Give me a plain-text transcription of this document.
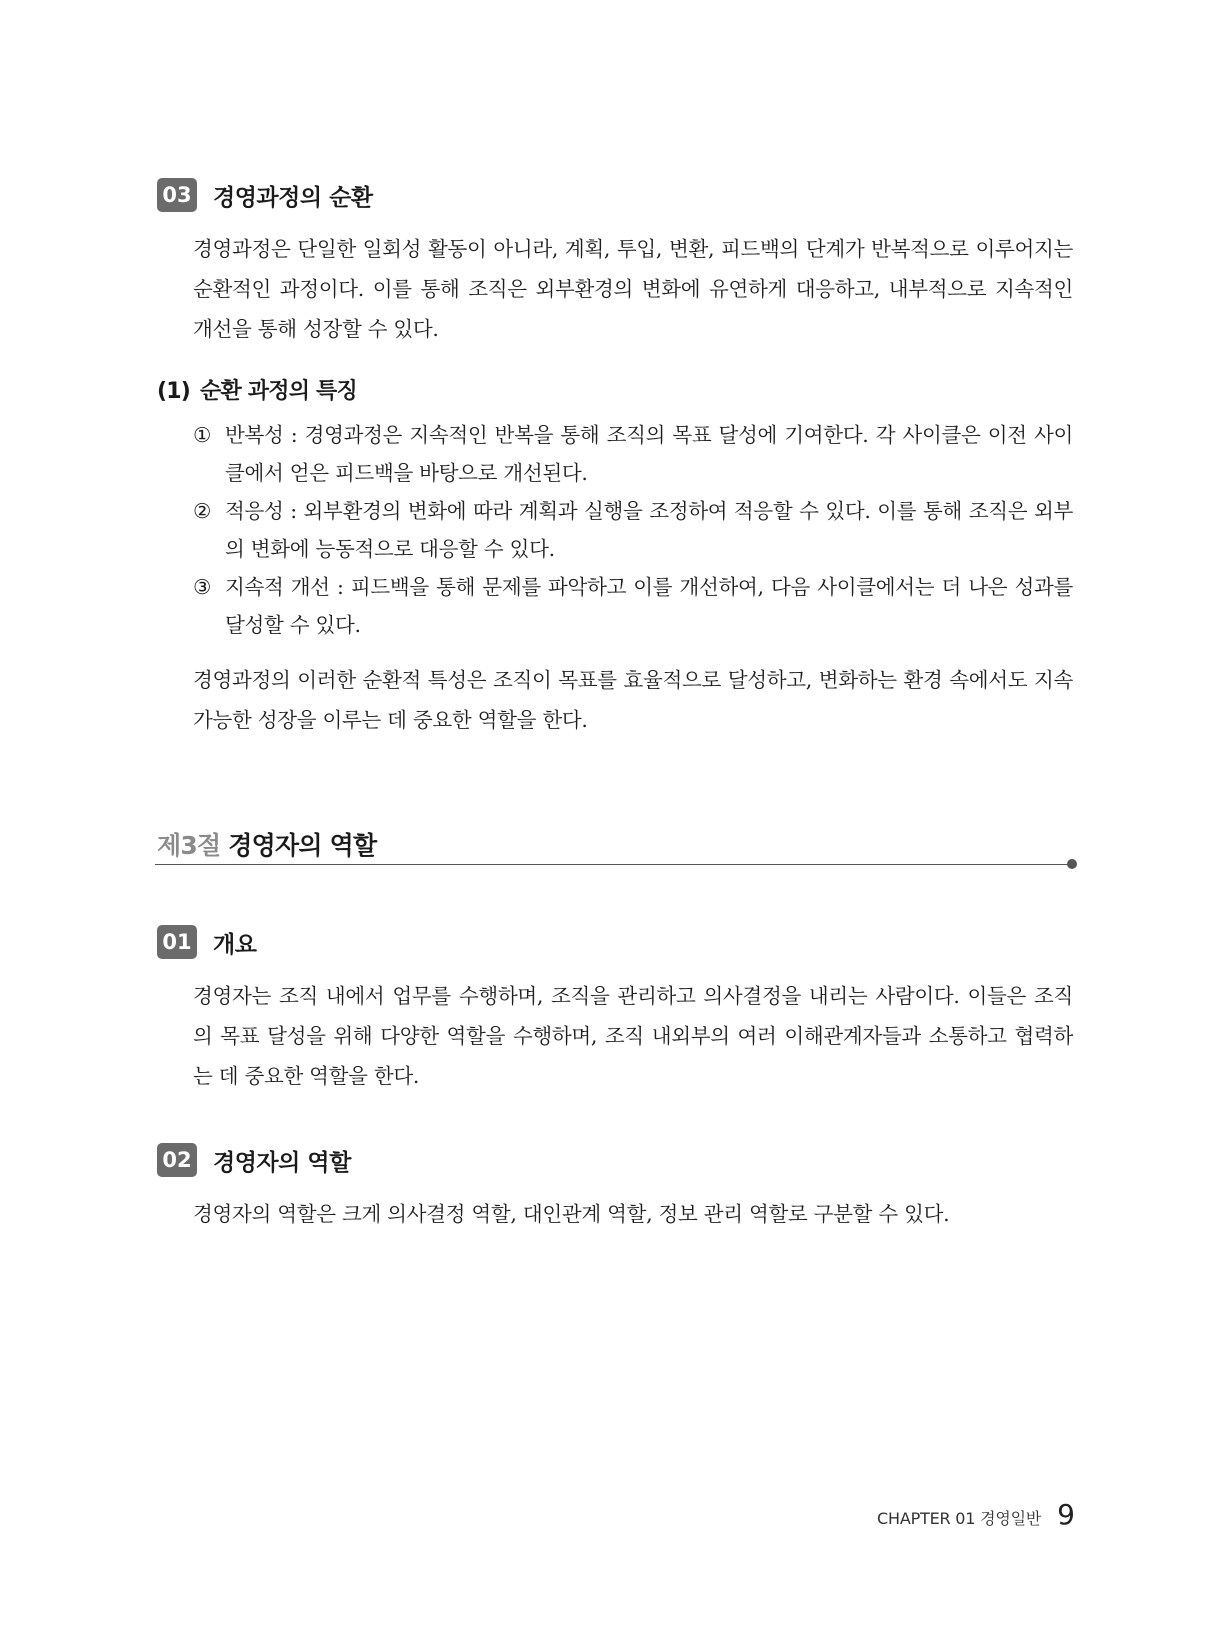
03 경영과정의 순환

경영과정은 단일한 일회성 활동이 아니라, 계획, 투입, 변환, 피드백의 단계가 반복적으로 이루어지는 순환적인 과정이다. 이를 통해 조직은 외부환경의 변화에 유연하게 대응하고, 내부적으로 지속적인 개선을 통해 성장할 수 있다.

(1) 순환 과정의 특징
① 반복성 : 경영과정은 지속적인 반복을 통해 조직의 목표 달성에 기여한다. 각 사이클은 이전 사이클에서 얻은 피드백을 바탕으로 개선된다.
② 적응성 : 외부환경의 변화에 따라 계획과 실행을 조정하여 적응할 수 있다. 이를 통해 조직은 외부의 변화에 능동적으로 대응할 수 있다.
③ 지속적 개선 : 피드백을 통해 문제를 파악하고 이를 개선하여, 다음 사이클에서는 더 나은 성과를 달성할 수 있다.

경영과정의 이러한 순환적 특성은 조직이 목표를 효율적으로 달성하고, 변화하는 환경 속에서도 지속 가능한 성장을 이루는 데 중요한 역할을 한다.

제3절 경영자의 역할
01 개요

경영자는 조직 내에서 업무를 수행하며, 조직을 관리하고 의사결정을 내리는 사람이다. 이들은 조직의 목표 달성을 위해 다양한 역할을 수행하며, 조직 내외부의 여러 이해관계자들과 소통하고 협력하는 데 중요한 역할을 한다.

02 경영자의 역할

경영자의 역할은 크게 의사결정 역할, 대인관계 역할, 정보 관리 역할로 구분할 수 있다.

CHAPTER 01 경영일반 9
